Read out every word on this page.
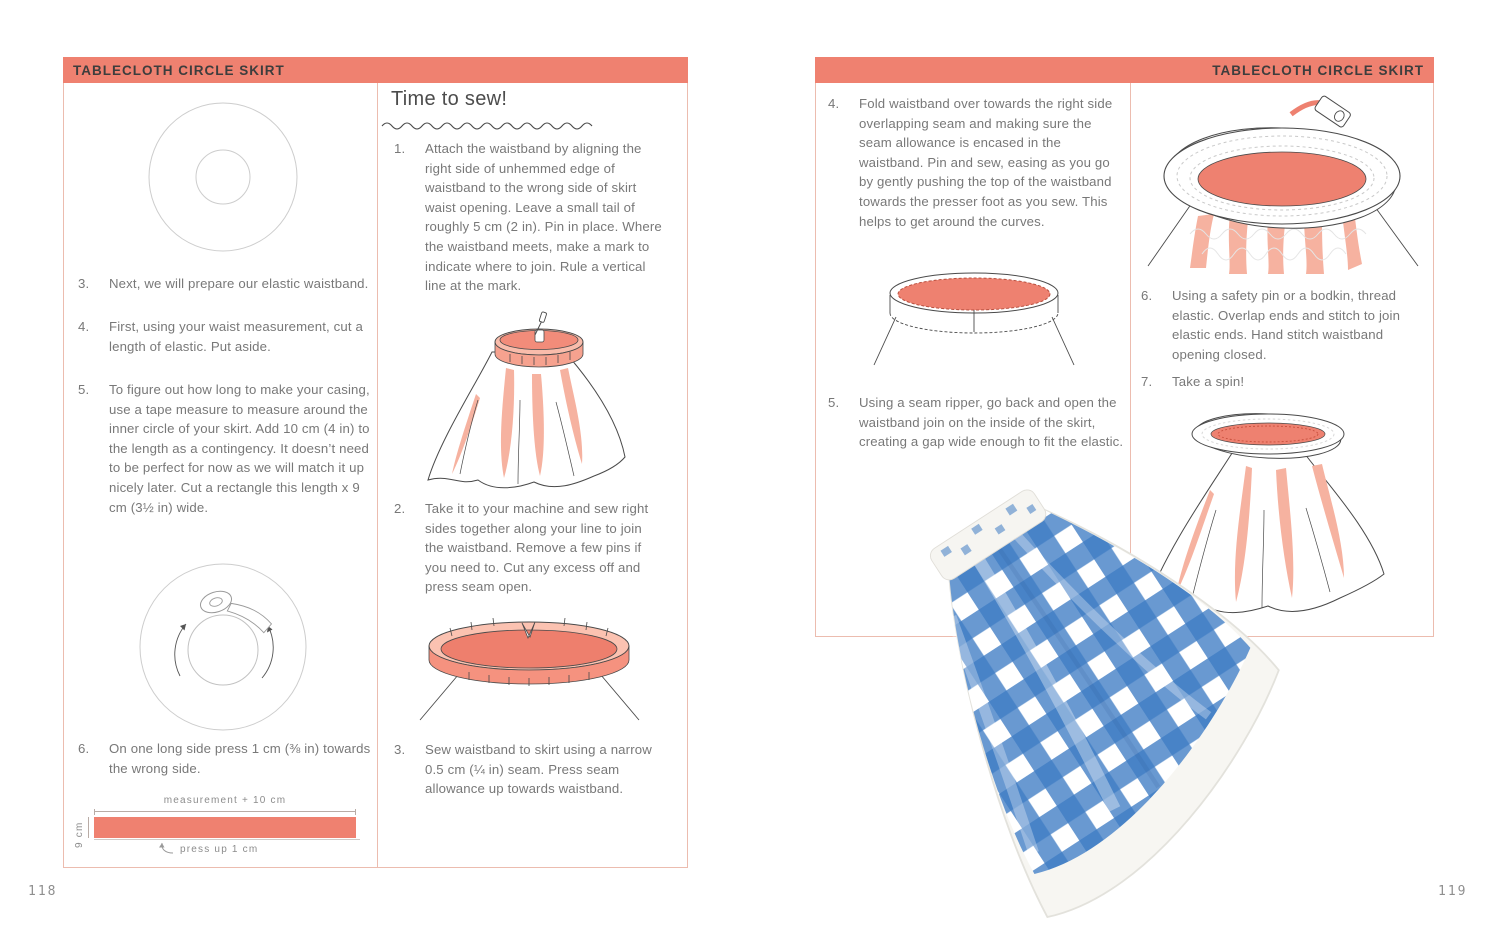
TABLECLOTH CIRCLE SKIRT
3.	Next, we will prepare our elastic waistband.
4.	First, using your waist measurement, cut a length of elastic. Put aside.
5.	To figure out how long to make your casing, use a tape measure to measure around the inner circle of your skirt. Add 10 cm (4 in) to the length as a contingency. It doesn’t need to be perfect for now as we will match it up nicely later. Cut a rectangle this length x 9 cm (3½ in) wide.
6.	On one long side press 1 cm (⅜ in) towards the wrong side.
measurement + 10 cm
9 cm
press up 1 cm
Time to sew!
1.	Attach the waistband by aligning the right side of unhemmed edge of waistband to the wrong side of skirt waist opening. Leave a small tail of roughly 5 cm (2 in). Pin in place. Where the waistband meets, make a mark to indicate where to join. Rule a vertical line at the mark.
2.	Take it to your machine and sew right sides together along your line to join the waistband. Remove a few pins if you need to. Cut any excess off and press seam open.
3.	Sew waistband to skirt using a narrow 0.5 cm (¼ in) seam. Press seam allowance up towards waistband.
TABLECLOTH CIRCLE SKIRT
4.	Fold waistband over towards the right side overlapping seam and making sure the seam allowance is encased in the waistband. Pin and sew, easing as you go by gently pushing the top of the waistband towards the presser foot as you sew. This helps to get around the curves.
5.	Using a seam ripper, go back and open the waistband join on the inside of the skirt, creating a gap wide enough to fit the elastic.
6.	Using a safety pin or a bodkin, thread elastic. Overlap ends and stitch to join elastic ends. Hand stitch waistband opening closed.
7.	Take a spin!
118	119
